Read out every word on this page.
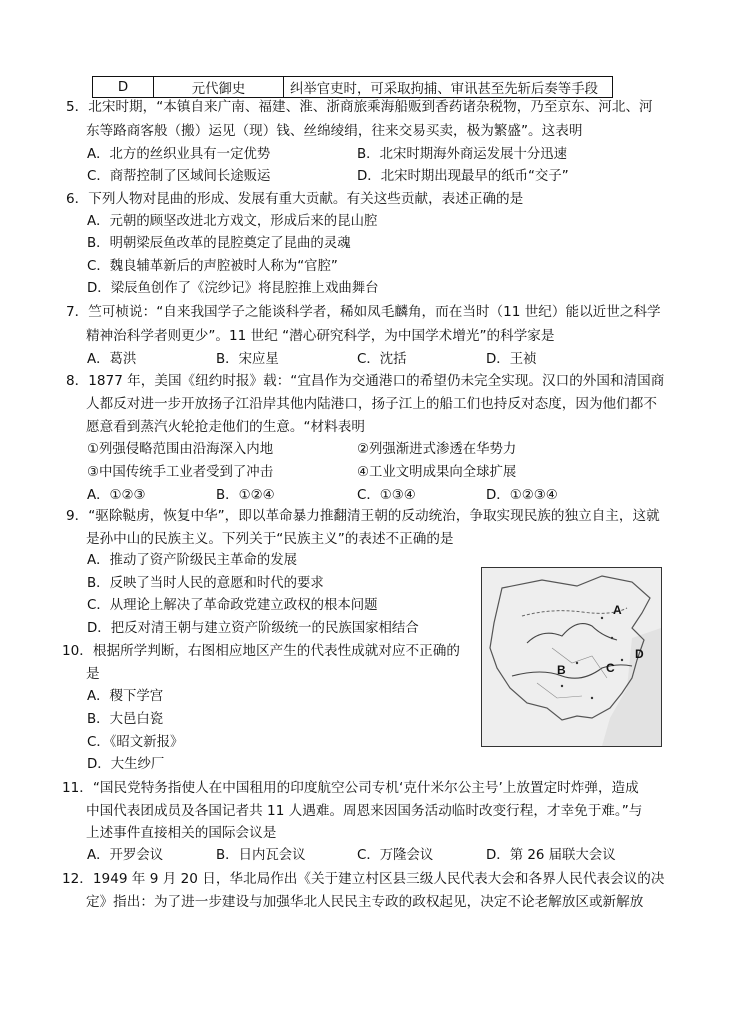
D	元代御史	纠举官吏时，可采取拘捕、审讯甚至先斩后奏等手段
5．北宋时期，“本镇自来广南、福建、淮、浙商旅乘海船贩到香药诸杂税物，乃至京东、河北、河
东等路商客般（搬）运见（现）钱、丝绵绫绢，往来交易买卖，极为繁盛”。这表明
A．北方的丝织业具有一定优势	B．北宋时期海外商运发展十分迅速
C．商帮控制了区域间长途贩运	D．北宋时期出现最早的纸币“交子”
6．下列人物对昆曲的形成、发展有重大贡献。有关这些贡献，表述正确的是
A．元朝的顾坚改进北方戏文，形成后来的昆山腔
B．明朝梁辰鱼改革的昆腔奠定了昆曲的灵魂
C．魏良辅革新后的声腔被时人称为“官腔”
D．梁辰鱼创作了《浣纱记》将昆腔推上戏曲舞台
7．竺可桢说：“自来我国学子之能谈科学者，稀如凤毛麟角，而在当时（11 世纪）能以近世之科学
精神治科学者则更少”。11 世纪 “潜心研究科学，为中国学术增光”的科学家是
A．葛洪	B．宋应星	C．沈括	D．王祯
8．1877 年，美国《纽约时报》载：“宜昌作为交通港口的希望仍未完全实现。汉口的外国和清国商
人都反对进一步开放扬子江沿岸其他内陆港口，扬子江上的船工们也持反对态度，因为他们都不
愿意看到蒸汽火轮抢走他们的生意。“材料表明
①列强侵略范围由沿海深入内地	②列强渐进式渗透在华势力
③中国传统手工业者受到了冲击	④工业文明成果向全球扩展
A．①②③	B．①②④	C．①③④	D．①②③④
9．“驱除鞑虏，恢复中华”，即以革命暴力推翻清王朝的反动统治，争取实现民族的独立自主，这就
是孙中山的民族主义。下列关于“民族主义”的表述不正确的是
A．推动了资产阶级民主革命的发展
B．反映了当时人民的意愿和时代的要求
C．从理论上解决了革命政党建立政权的根本问题
D．把反对清王朝与建立资产阶级统一的民族国家相结合
10．根据所学判断，右图相应地区产生的代表性成就对应不正确的
是
A．稷下学宫
B．大邑白瓷
C．《昭文新报》
D．大生纱厂
A
B	C
D
11．“国民党特务指使人在中国租用的印度航空公司专机‘克什米尔公主号’上放置定时炸弹，造成
中国代表团成员及各国记者共 11 人遇难。周恩来因国务活动临时改变行程，才幸免于难。”与
上述事件直接相关的国际会议是
A．开罗会议	B．日内瓦会议	C．万隆会议	D．第 26 届联大会议
12．1949 年 9 月 20 日，华北局作出《关于建立村区县三级人民代表大会和各界人民代表会议的决
定》指出：为了进一步建设与加强华北人民民主专政的政权起见，决定不论老解放区或新解放
